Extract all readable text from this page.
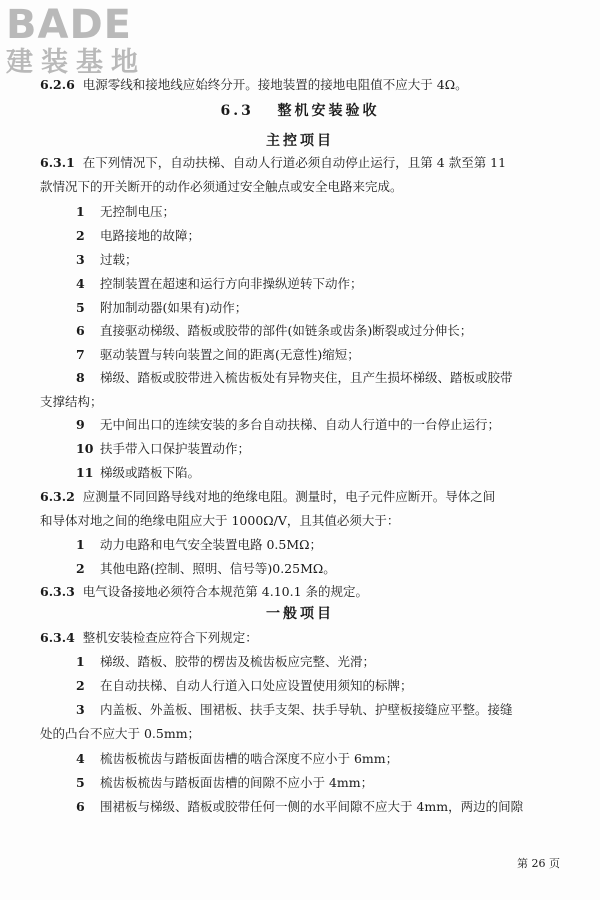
BADE
建装基地
6.2.6 电源零线和接地线应始终分开。接地装置的接地电阻值不应大于 4Ω。
6.3 整机安装验收
主控项目
6.3.1 在下列情况下，自动扶梯、自动人行道必须自动停止运行，且第 4 款至第 11
款情况下的开关断开的动作必须通过安全触点或安全电路来完成。
1 无控制电压；
2 电路接地的故障；
3 过载；
4 控制装置在超速和运行方向非操纵逆转下动作；
5 附加制动器(如果有)动作；
6 直接驱动梯级、踏板或胶带的部件(如链条或齿条)断裂或过分伸长；
7 驱动装置与转向装置之间的距离(无意性)缩短；
8 梯级、踏板或胶带进入梳齿板处有异物夹住，且产生损坏梯级、踏板或胶带
支撑结构；
9 无中间出口的连续安装的多台自动扶梯、自动人行道中的一台停止运行；
10 扶手带入口保护装置动作；
11 梯级或踏板下陷。
6.3.2 应测量不同回路导线对地的绝缘电阻。测量时，电子元件应断开。导体之间
和导体对地之间的绝缘电阻应大于 1000Ω/V，且其值必须大于：
1 动力电路和电气安全装置电路 0.5MΩ；
2 其他电路(控制、照明、信号等)0.25MΩ。
6.3.3 电气设备接地必须符合本规范第 4.10.1 条的规定。
一般项目
6.3.4 整机安装检查应符合下列规定：
1 梯级、踏板、胶带的楞齿及梳齿板应完整、光滑；
2 在自动扶梯、自动人行道入口处应设置使用须知的标牌；
3 内盖板、外盖板、围裙板、扶手支架、扶手导轨、护壁板接缝应平整。接缝
处的凸台不应大于 0.5mm；
4 梳齿板梳齿与踏板面齿槽的啮合深度不应小于 6mm；
5 梳齿板梳齿与踏板面齿槽的间隙不应小于 4mm；
6 围裙板与梯级、踏板或胶带任何一侧的水平间隙不应大于 4mm，两边的间隙
第 26 页
